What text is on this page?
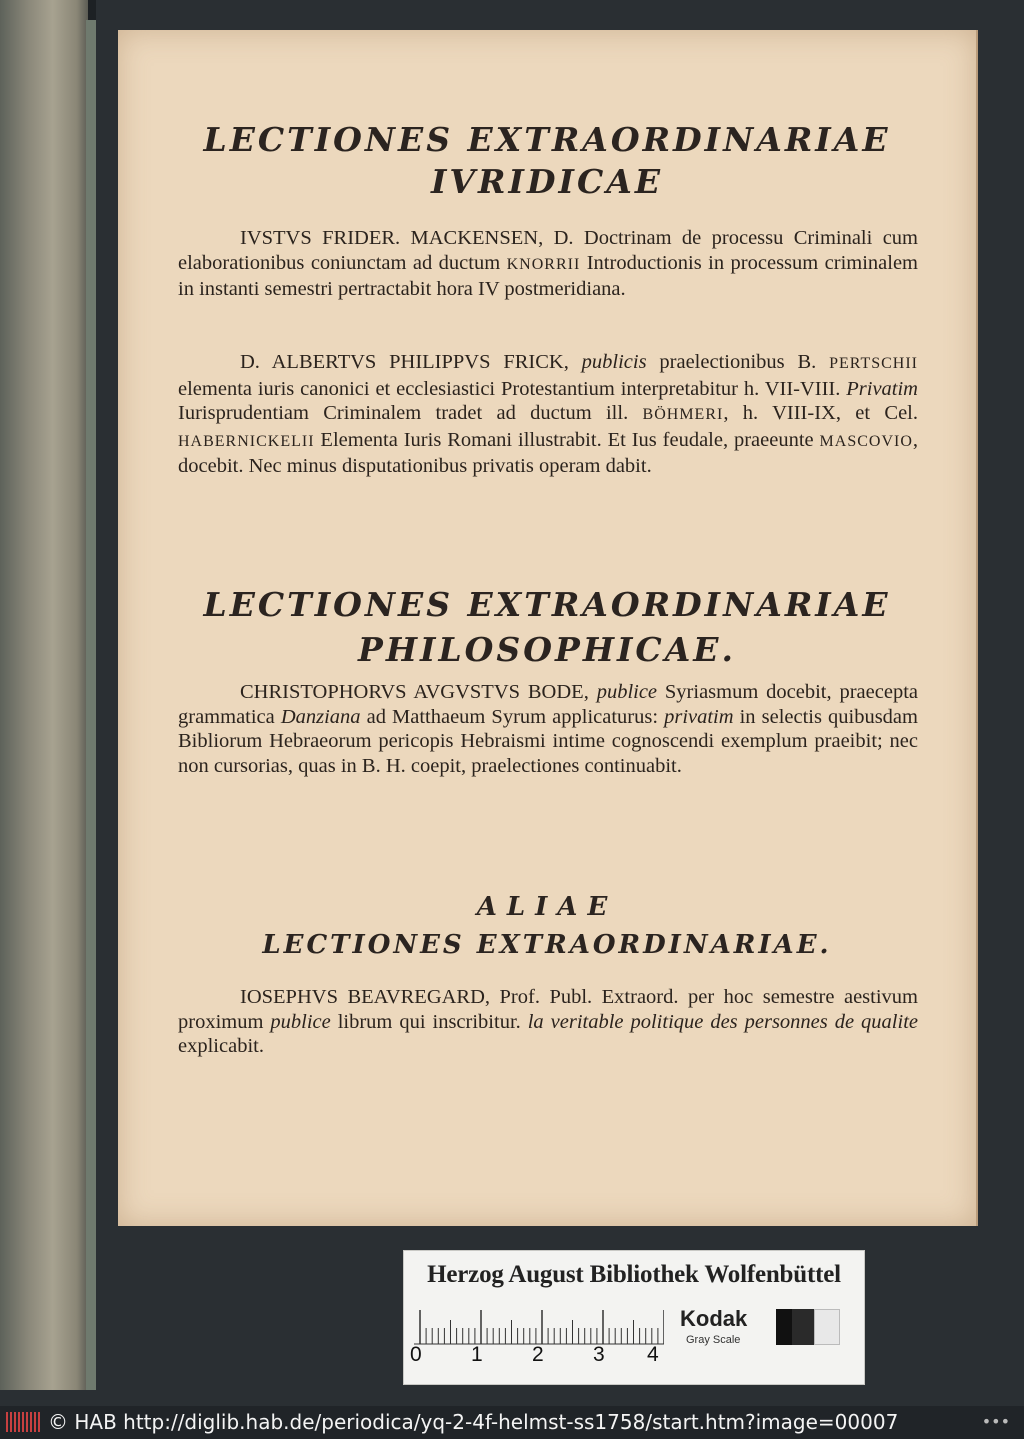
LECTIONES EXTRAORDINARIAE
IVRIDICAE

IVSTVS FRIDER. MACKENSEN, D. Doctrinam de processu Criminali cum elaborationibus coniunctam ad ductum KNORRII Introductionis in processum criminalem in instanti semestri pertractabit hora IV postmeridiana.

D. ALBERTVS PHILIPPVS FRICK, publicis praelectionibus B. PERTSCHII elementa iuris canonici et ecclesiastici Protestantium interpretabitur h. VII-VIII. Privatim Iurisprudentiam Criminalem tradet ad ductum ill. BÖHMERI, h. VIII-IX, et Cel. HABERNICKELII Elementa Iuris Romani illustrabit. Et Ius feudale, praeeunte MASCOVIO, docebit. Nec minus disputationibus privatis operam dabit.

LECTIONES EXTRAORDINARIAE
PHILOSOPHICAE.

CHRISTOPHORVS AVGVSTVS BODE, publice Syriasmum docebit, praecepta grammatica Danziana ad Matthaeum Syrum applicaturus: privatim in selectis quibusdam Bibliorum Hebraeorum pericopis Hebraismi intime cognoscendi exemplum praeibit; nec non cursorias, quas in B. H. coepit, praelectiones continuabit.

ALIAE
LECTIONES EXTRAORDINARIAE.

IOSEPHVS BEAVREGARD, Prof. Publ. Extraord. per hoc semestre aestivum proximum publice librum qui inscribitur. la veritable politique des personnes de qualite explicabit.

Herzog August Bibliothek Wolfenbüttel
0 1 2 3 4
Kodak
Gray Scale
© HAB http://diglib.hab.de/periodica/yq-2-4f-helmst-ss1758/start.htm?image=00007	•••
